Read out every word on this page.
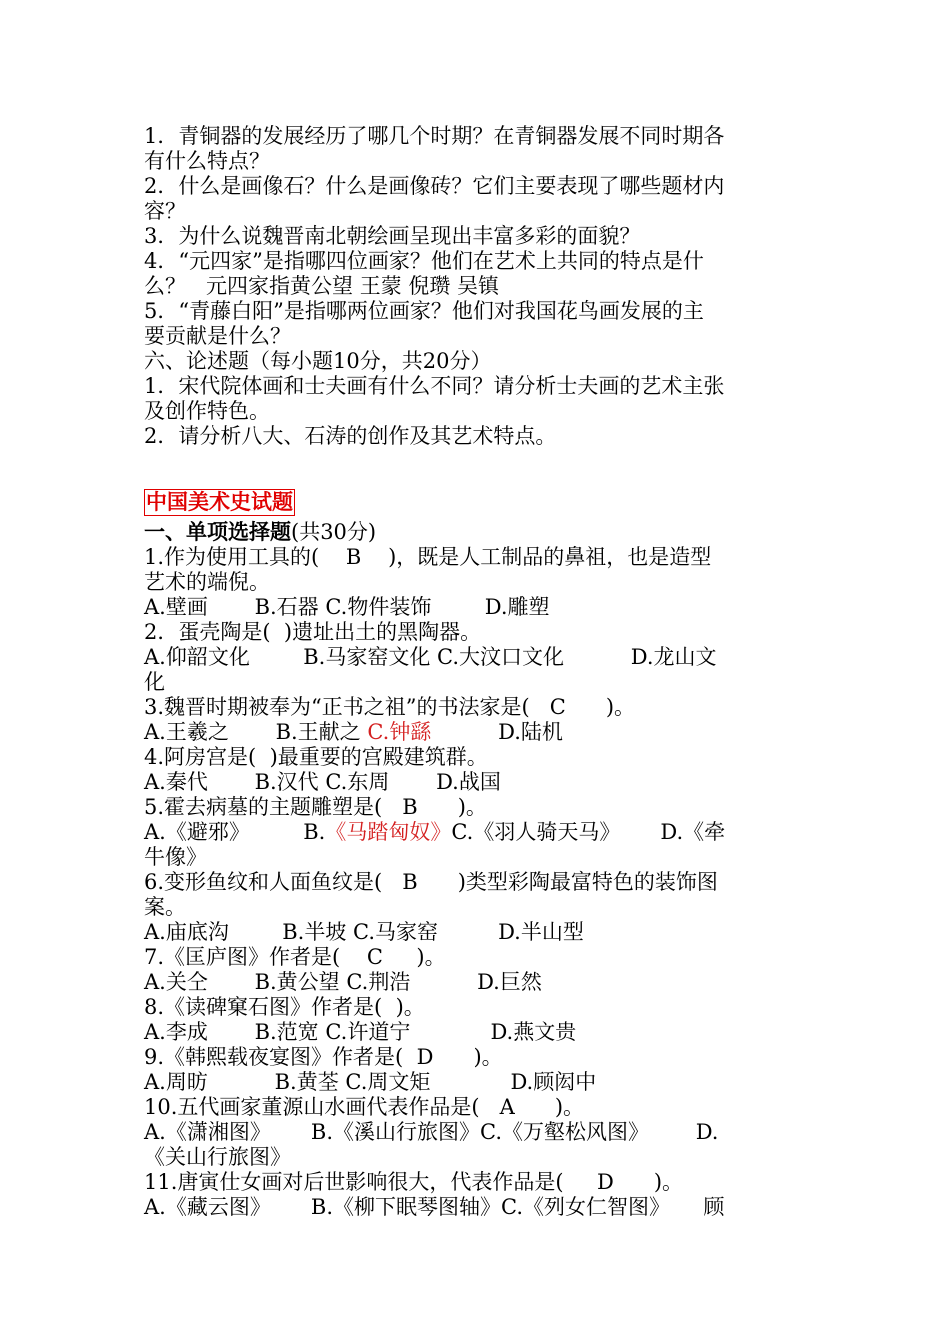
1．青铜器的发展经历了哪几个时期？在青铜器发展不同时期各
有什么特点？
2．什么是画像石？什么是画像砖？它们主要表现了哪些题材内
容？
3．为什么说魏晋南北朝绘画呈现出丰富多彩的面貌？
4．“元四家”是指哪四位画家？他们在艺术上共同的特点是什
么？   元四家指黄公望 王蒙 倪瓒 吴镇
5．“青藤白阳”是指哪两位画家？他们对我国花鸟画发展的主
要贡献是什么？
六、论述题（每小题10分，共20分）
1．宋代院体画和士夫画有什么不同？请分析士夫画的艺术主张
及创作特色。
2．请分析八大、石涛的创作及其艺术特点。
中国美术史试题
一、单项选择题(共30分)
1.作为使用工具的(    B    )，既是人工制品的鼻祖，也是造型
艺术的端倪。
A.壁画       B.石器 C.物件装饰        D.雕塑
2．蛋壳陶是(  )遗址出土的黑陶器。
A.仰韶文化        B.马家窑文化 C.大汶口文化          D.龙山文
化
3.魏晋时期被奉为“正书之祖”的书法家是(   C      )。
A.王羲之       B.王献之 C.钟繇          D.陆机
4.阿房宫是(  )最重要的宫殿建筑群。
A.秦代       B.汉代 C.东周       D.战国
5.霍去病墓的主题雕塑是(   B      )。
A.《避邪》        B.《马踏匈奴》C.《羽人骑天马》      D.《牵
牛像》
6.变形鱼纹和人面鱼纹是(   B      )类型彩陶最富特色的装饰图
案。
A.庙底沟        B.半坡 C.马家窑         D.半山型
7.《匡庐图》作者是(    C     )。
A.关仝       B.黄公望 C.荆浩          D.巨然
8.《读碑窠石图》作者是(  )。
A.李成       B.范宽 C.许道宁            D.燕文贵
9.《韩熙载夜宴图》作者是(  D      )。
A.周昉          B.黄荃 C.周文矩            D.顾闳中
10.五代画家董源山水画代表作品是(   A      )。
A.《潇湘图》      B.《溪山行旅图》C.《万壑松风图》       D.
《关山行旅图》
11.唐寅仕女画对后世影响很大，代表作品是(     D      )。
A.《藏云图》      B.《柳下眠琴图轴》C.《列女仁智图》     顾
